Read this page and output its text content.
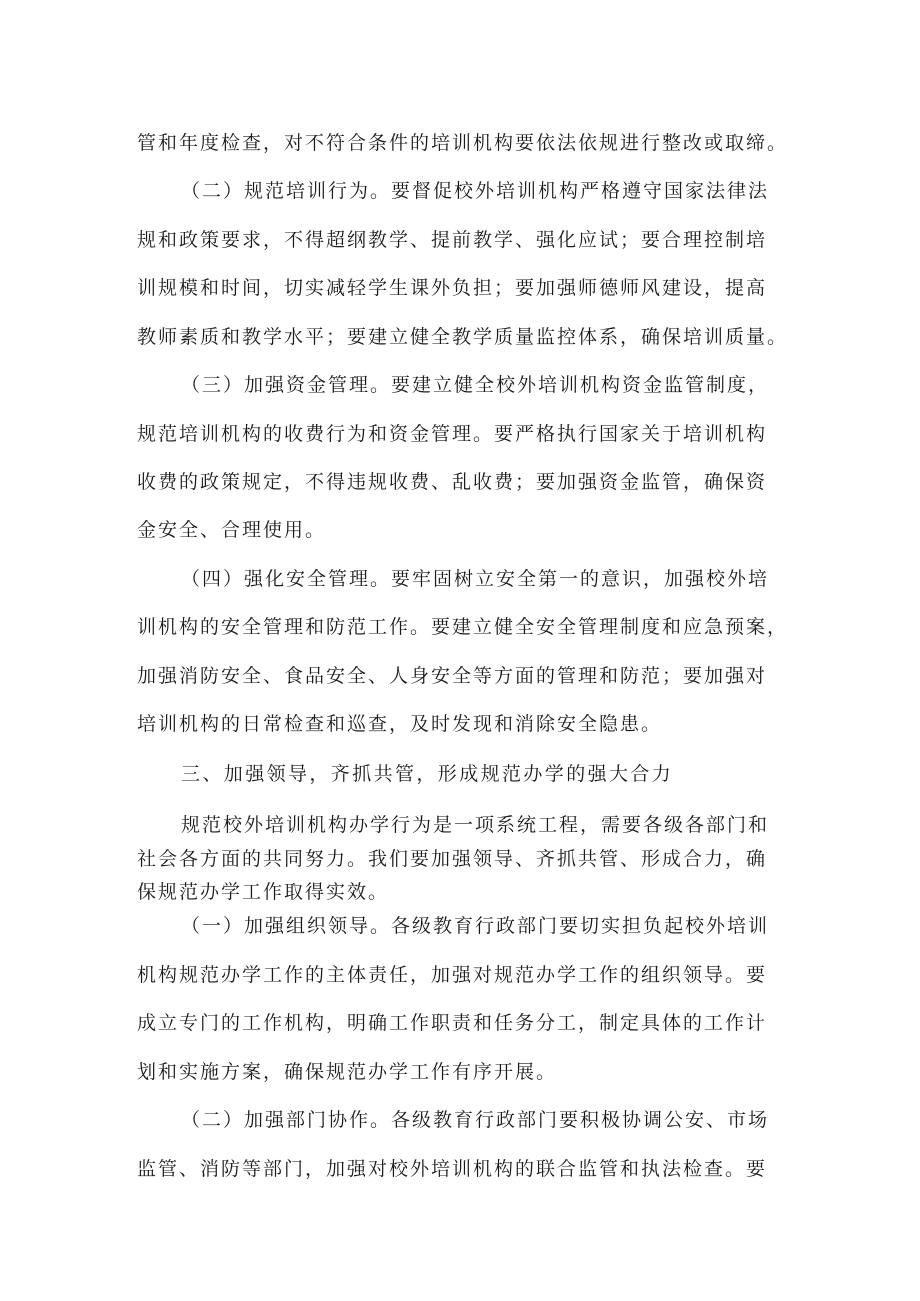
管和年度检查，对不符合条件的培训机构要依法依规进行整改或取缔。
（二）规范培训行为。要督促校外培训机构严格遵守国家法律法
规和政策要求，不得超纲教学、提前教学、强化应试；要合理控制培
训规模和时间，切实减轻学生课外负担；要加强师德师风建设，提高
教师素质和教学水平；要建立健全教学质量监控体系，确保培训质量。
（三）加强资金管理。要建立健全校外培训机构资金监管制度，
规范培训机构的收费行为和资金管理。要严格执行国家关于培训机构
收费的政策规定，不得违规收费、乱收费；要加强资金监管，确保资
金安全、合理使用。
（四）强化安全管理。要牢固树立安全第一的意识，加强校外培
训机构的安全管理和防范工作。要建立健全安全管理制度和应急预案，
加强消防安全、食品安全、人身安全等方面的管理和防范；要加强对
培训机构的日常检查和巡查，及时发现和消除安全隐患。
三、加强领导，齐抓共管，形成规范办学的强大合力
规范校外培训机构办学行为是一项系统工程，需要各级各部门和
社会各方面的共同努力。我们要加强领导、齐抓共管、形成合力，确
保规范办学工作取得实效。
（一）加强组织领导。各级教育行政部门要切实担负起校外培训
机构规范办学工作的主体责任，加强对规范办学工作的组织领导。要
成立专门的工作机构，明确工作职责和任务分工，制定具体的工作计
划和实施方案，确保规范办学工作有序开展。
（二）加强部门协作。各级教育行政部门要积极协调公安、市场
监管、消防等部门，加强对校外培训机构的联合监管和执法检查。要
